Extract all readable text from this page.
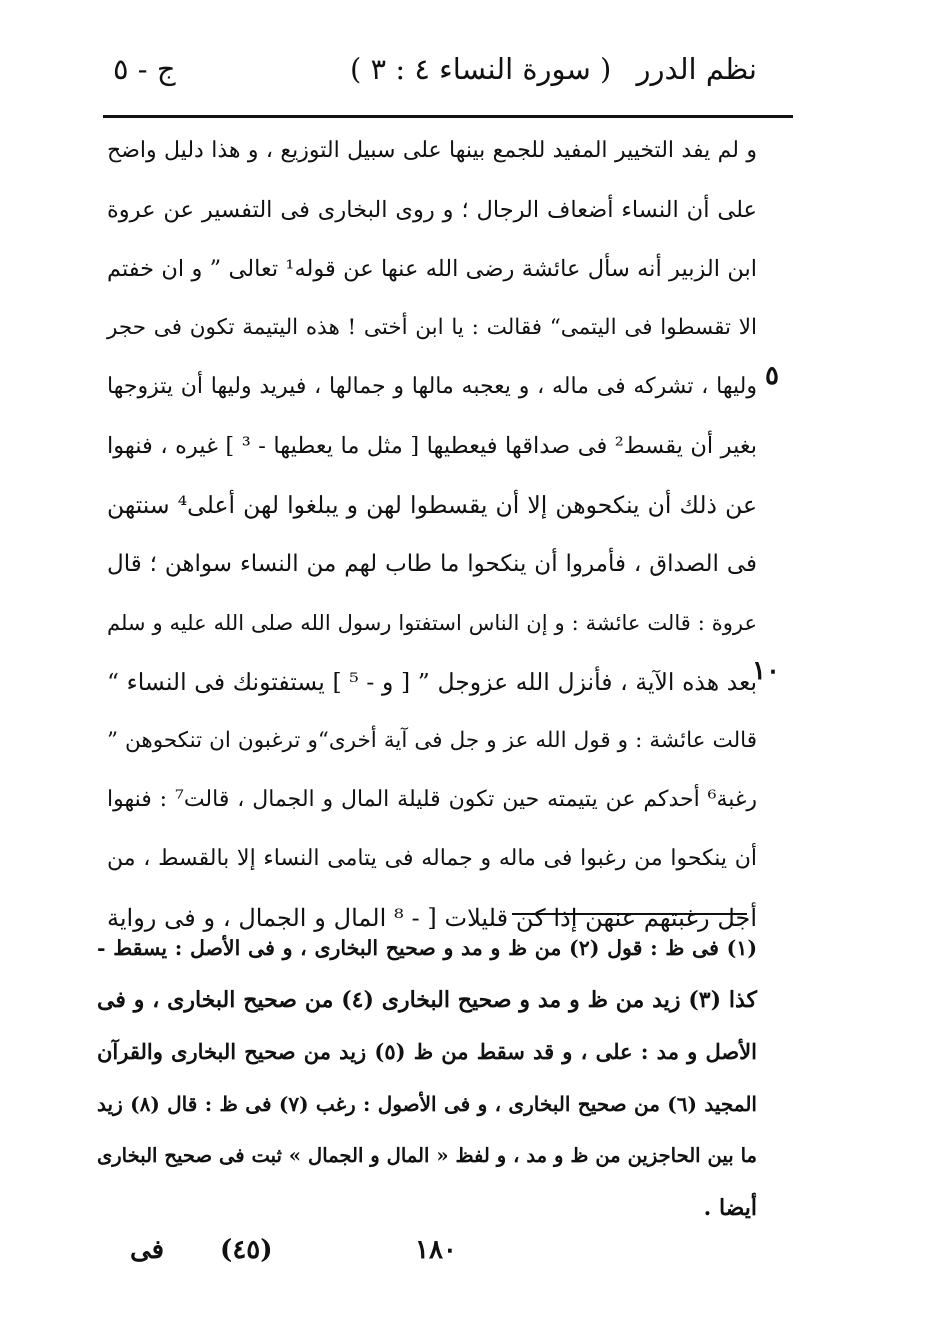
نظم الدرر
( سورة النساء ٤ : ٣ )
ج - ٥
و لم يفد التخيير المفيد للجمع بينها على سبيل التوزيع ، و هذا دليل واضح
على أن النساء أضعاف الرجال ؛ و روى البخارى فى التفسير عن عروة
ابن الزبير أنه سأل عائشة رضى الله عنها عن قوله¹ تعالى ” و ان خفتم
الا تقسطوا فى اليتمى“ فقالت : يا ابن أختى ! هذه اليتيمة تكون فى حجر
وليها ، تشركه فى ماله ، و يعجبه مالها و جمالها ، فيريد وليها أن يتزوجها
بغير أن يقسط² فى صداقها فيعطيها [ مثل ما يعطيها - ³ ] غيره ، فنهوا
عن ذلك أن ينكحوهن إلا أن يقسطوا لهن و يبلغوا لهن أعلى⁴ سنتهن
فى الصداق ، فأمروا أن ينكحوا ما طاب لهم من النساء سواهن ؛ قال
عروة : قالت عائشة : و إن الناس استفتوا رسول الله صلى الله عليه و سلم
بعد هذه الآية ، فأنزل الله عزوجل ” [ و - ⁵ ] يستفتونك فى النساء “
قالت عائشة : و قول الله عز و جل فى آية أخرى“و ترغبون ان تنكحوهن ”
رغبة⁶ أحدكم عن يتيمته حين تكون قليلة المال و الجمال ، قالت⁷ : فنهوا
أن ينكحوا من رغبوا فى ماله و جماله فى يتامى النساء إلا بالقسط ، من
أجل رغبتهم عنهن إذا كن قليلات [ - ⁸ المال و الجمال ، و فى رواية
٥
١٠
(١) فى ظ : قول (٢) من ظ و مد و صحيح البخارى ، و فى الأصل : يسقط -
كذا (٣) زيد من ظ و مد و صحيح البخارى (٤) من صحيح البخارى ، و فى
الأصل و مد : على ، و قد سقط من ظ (٥) زيد من صحيح البخارى والقرآن
المجيد (٦) من صحيح البخارى ، و فى الأصول : رغب (٧) فى ظ : قال (٨) زيد
ما بين الحاجزين من ظ و مد ، و لفظ « المال و الجمال » ثبت فى صحيح البخارى
أيضا .
١٨٠
(٤٥)
فى
